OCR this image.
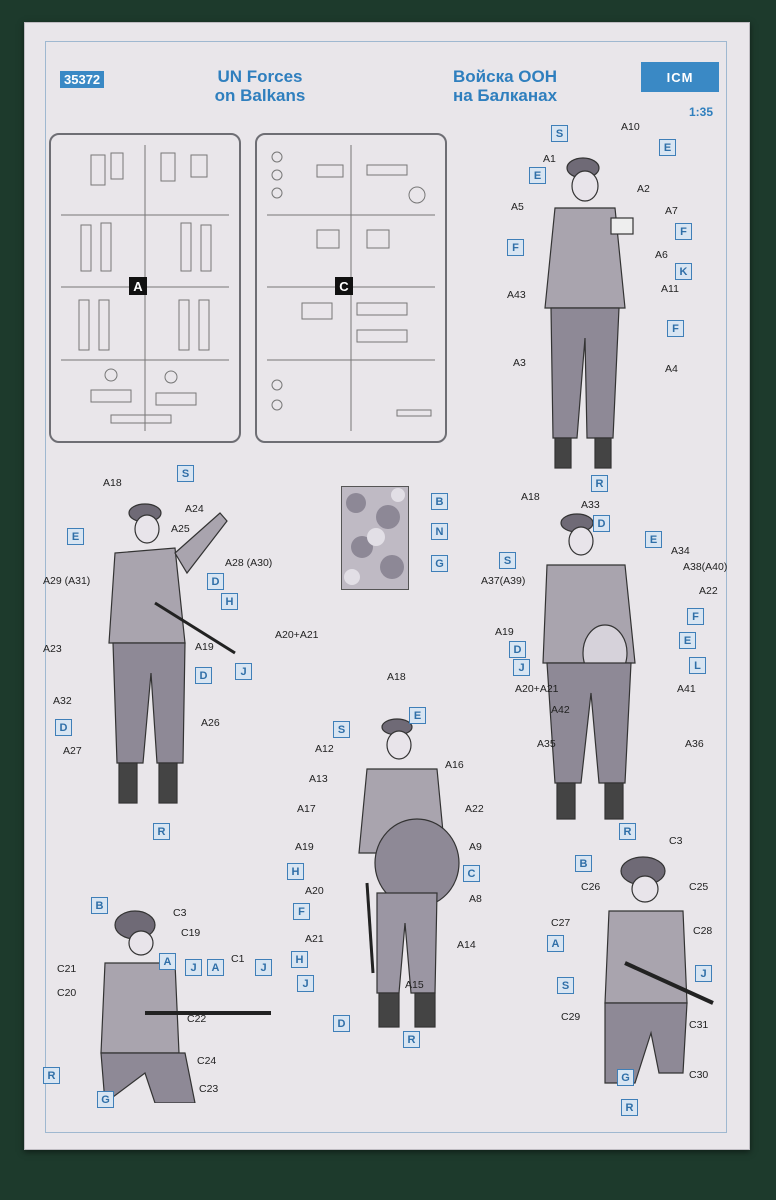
35372	UN Forces
on Balkans
Войска ООН
на Балканах
ICM
1:35
A	C
B
N
G
A10
A1
A2
A7
A5
A6
A43	A11
A3	A4
S
E
E
F
F
K
F
R
A18
A24
A25
A28 (A30)
A29 (A31)
A23
A20+A21
A19
A32
A27
A26
S
E
D
H
J
D
D
R
A18
A33
A34
A38(A40)
A37(A39)
A22
A19
A20+A21
A42
A41
A35	A36
D
E
S
F
E
D
J	L
R
A18
A12
A13
A16
A17	A22
A19	A9
A8
A20
A21	A14
A15
S
E
H	C
F
H
J
D
R
C3
C19
C21
C20
C1
C22
C24
C23
B
A	J	A	J
R
G
C3
C26	C25
C27
C28
C29
C31
C30
B
A
J
S
G
R
